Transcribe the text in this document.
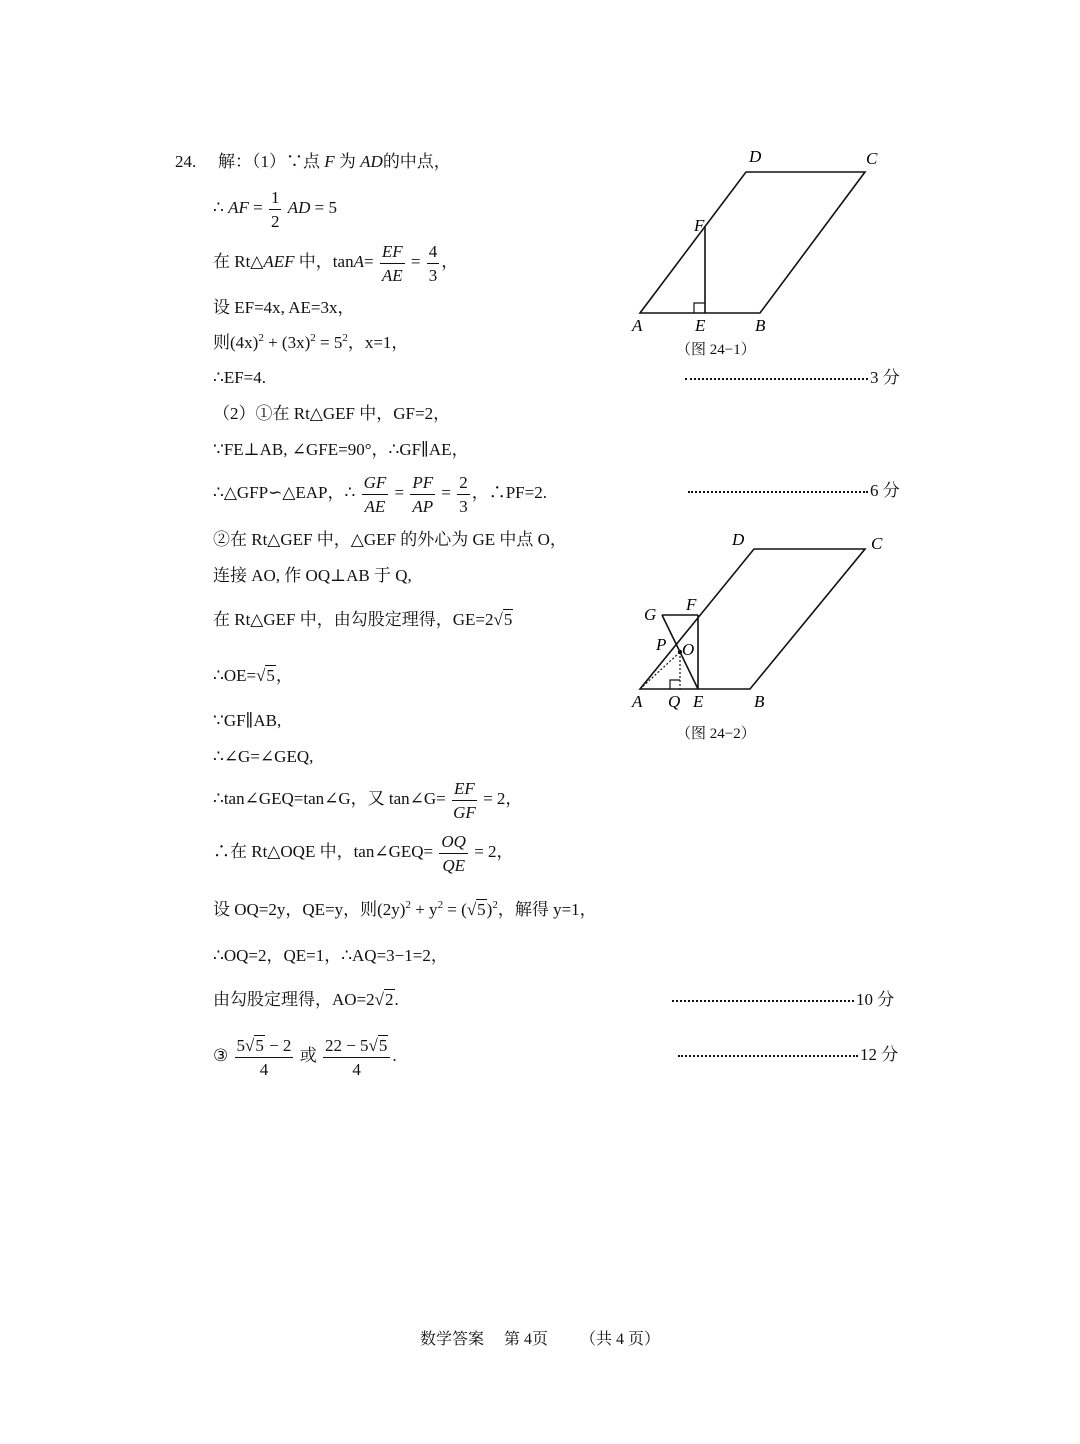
24. 解：（1）∵点 F 为 AD的中点，
∴ AF = $\frac{1}{2}$ AD = 5
在 Rt△AEF 中，$\tan A= \frac{EF}{AE} = \frac{4}{3}$ ，
设 EF=4x, AE=3x，
则$(4x)^2 + (3x)^2 = 5^2$，x=1，
∴EF=4.	3 分
（2）①在 Rt△GEF 中，GF=2，
∵FE⊥AB, ∠GFE=90°，∴GF∥AE，
∴△GFP∽△EAP，∴ $\frac{GF}{AE} = \frac{PF}{AP} = \frac{2}{3}$ ，∴PF=2.	6 分
②在 Rt△GEF 中，△GEF 的外心为 GE 中点 O，
连接 AO, 作 OQ⊥AB 于 Q,
在 Rt△GEF 中，由勾股定理得，GE=2√5
∴OE=√5，
∵GF∥AB,
∴∠G=∠GEQ,
∴tan∠GEQ=tan∠G，又 tan∠G= $\frac{EF}{GF} = 2$，
∴在 Rt△OQE 中，tan∠GEQ= $\frac{OQ}{QE} = 2$，
设 OQ=2y，QE=y，则$(2y)^2 + y^2 = (√5)^2$，解得 y=1，
∴OQ=2，QE=1，∴AQ=3−1=2，
由勾股定理得，AO=2√2.	10 分
③ $\frac{5√5 - 2}{4}$ 或 $\frac{22 - 5√5}{4}$ .	12 分
A	B
C
D
E
F
（图 24−1）
A	B
C
D
E
F
G
P O
Q
（图 24−2）
数学答案 第 4页 （共 4 页）
